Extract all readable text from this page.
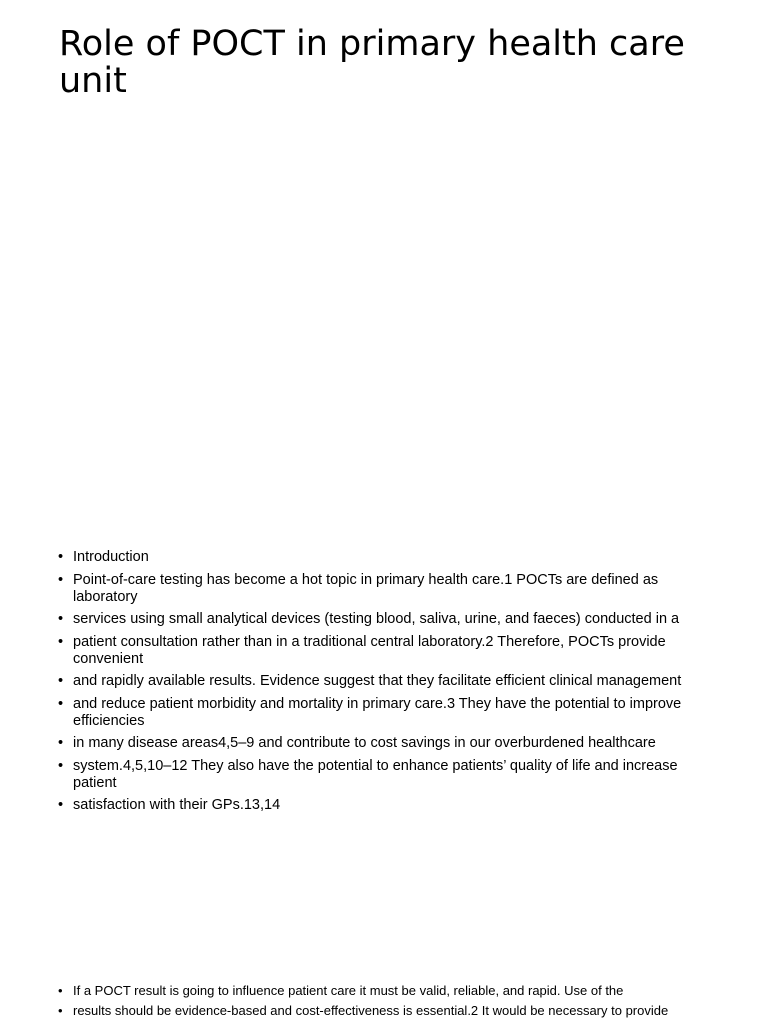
Role of POCT in primary health care unit
• Introduction
• Point-of-care testing has become a hot topic in primary health care.1 POCTs are defined as laboratory
• services using small analytical devices (testing blood, saliva, urine, and faeces) conducted in a
• patient consultation rather than in a traditional central laboratory.2 Therefore, POCTs provide convenient
• and rapidly available results. Evidence suggest that they facilitate efficient clinical management
• and reduce patient morbidity and mortality in primary care.3 They have the potential to improve efficiencies
• in many disease areas4,5–9 and contribute to cost savings in our overburdened healthcare
• system.4,5,10–12 They also have the potential to enhance patients’ quality of life and increase patient
• satisfaction with their GPs.13,14
• If a POCT result is going to influence patient care it must be valid, reliable, and rapid. Use of the
• results should be evidence-based and cost-effectiveness is essential.2 It would be necessary to provide
